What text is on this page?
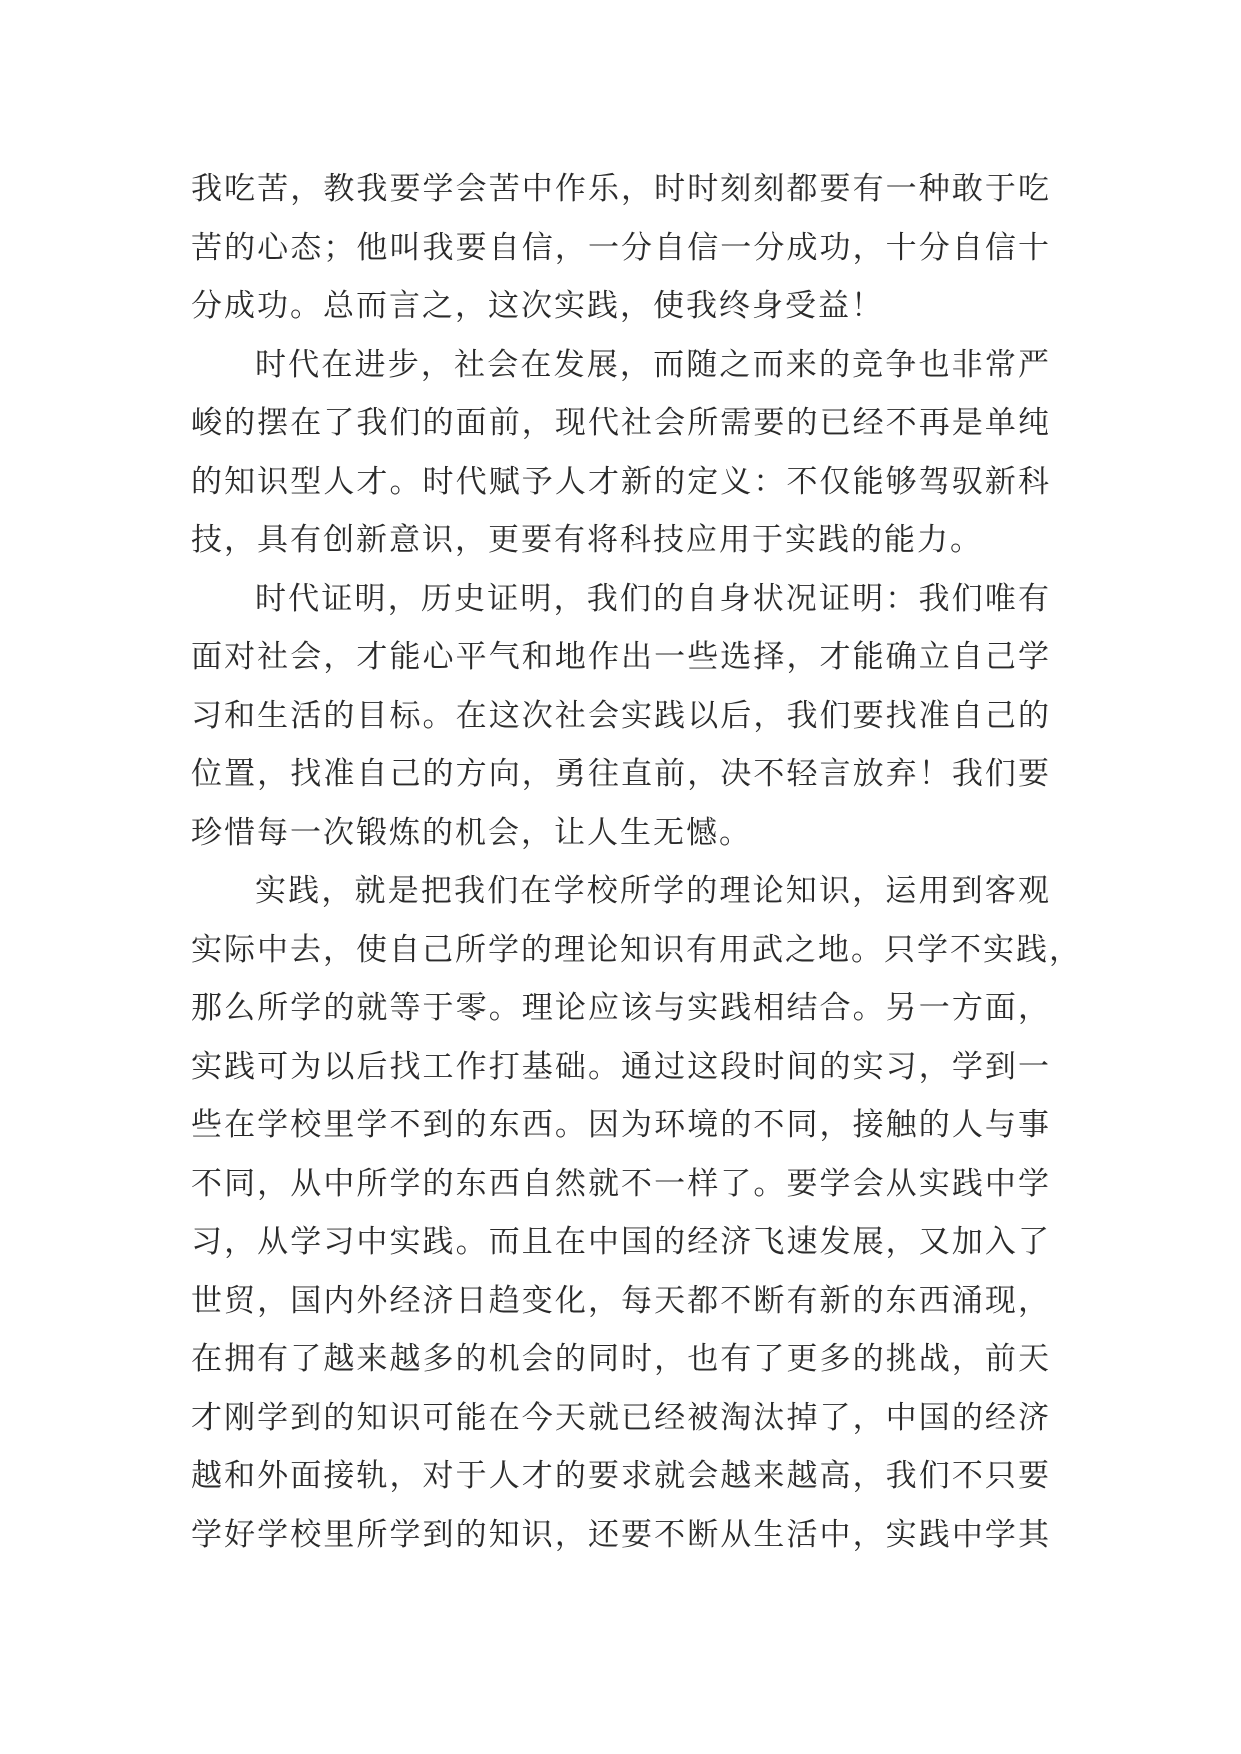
我吃苦，教我要学会苦中作乐，时时刻刻都要有一种敢于吃
苦的心态；他叫我要自信，一分自信一分成功，十分自信十
分成功。总而言之，这次实践，使我终身受益！
时代在进步，社会在发展，而随之而来的竞争也非常严
峻的摆在了我们的面前，现代社会所需要的已经不再是单纯
的知识型人才。时代赋予人才新的定义：不仅能够驾驭新科
技，具有创新意识，更要有将科技应用于实践的能力。
时代证明，历史证明，我们的自身状况证明：我们唯有
面对社会，才能心平气和地作出一些选择，才能确立自己学
习和生活的目标。在这次社会实践以后，我们要找准自己的
位置，找准自己的方向，勇往直前，决不轻言放弃！我们要
珍惜每一次锻炼的机会，让人生无憾。
实践，就是把我们在学校所学的理论知识，运用到客观
实际中去，使自己所学的理论知识有用武之地。只学不实践，
那么所学的就等于零。理论应该与实践相结合。另一方面，
实践可为以后找工作打基础。通过这段时间的实习，学到一
些在学校里学不到的东西。因为环境的不同，接触的人与事
不同，从中所学的东西自然就不一样了。要学会从实践中学
习，从学习中实践。而且在中国的经济飞速发展，又加入了
世贸，国内外经济日趋变化，每天都不断有新的东西涌现，
在拥有了越来越多的机会的同时，也有了更多的挑战，前天
才刚学到的知识可能在今天就已经被淘汰掉了，中国的经济
越和外面接轨，对于人才的要求就会越来越高，我们不只要
学好学校里所学到的知识，还要不断从生活中，实践中学其
